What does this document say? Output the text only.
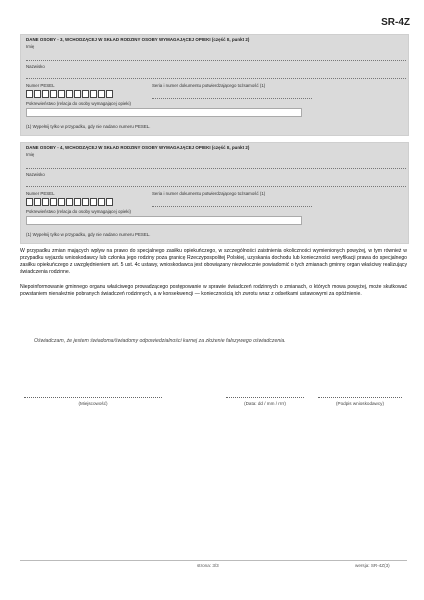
SR-4Z
DANE OSOBY - 3, WCHODZĄCEJ W SKŁAD RODZINY OSOBY WYMAGAJĄCEJ OPIEKI (część II, punkt 2)
Imię
Nazwisko
Numer PESEL	Seria i numer dokumentu potwierdzającego tożsamość (1)
Pokrewieństwo (relacja do osoby wymagającej opieki)
(1) Wypełnij tylko w przypadku, gdy nie nadano numeru PESEL.
DANE OSOBY - 4, WCHODZĄCEJ W SKŁAD RODZINY OSOBY WYMAGAJĄCEJ OPIEKI (część II, punkt 2)
Imię
Nazwisko
Numer PESEL	Seria i numer dokumentu potwierdzającego tożsamość (1)
Pokrewieństwo (relacja do osoby wymagającej opieki)
(1) Wypełnij tylko w przypadku, gdy nie nadano numeru PESEL.
W przypadku zmian mających wpływ na prawo do specjalnego zasiłku opiekuńczego, w szczególności zaistnienia okoliczności wymienionych powyżej, w tym również w przypadku wyjazdu wnioskodawcy lub członka jego rodziny poza granicę Rzeczypospolitej Polskiej, uzyskania dochodu lub konieczności weryfikacji prawa do specjalnego zasiłku opiekuńczego z uwzględnieniem art. 5 ust. 4c ustawy, wnioskodawca jest obowiązany niezwłocznie powiadomić o tych zmianach gminny organ właściwy realizujący świadczenia rodzinne.
Niepoinformowanie gminnego organu właściwego prowadzącego postępowanie w sprawie świadczeń rodzinnych o zmianach, o których mowa powyżej, może skutkować powstaniem nienależnie pobranych świadczeń rodzinnych, a w konsekwencji — koniecznością ich zwrotu wraz z odsetkami ustawowymi za opóźnienie.
Oświadczam, że jestem świadoma/świadomy odpowiedzialności karnej za złożenie fałszywego oświadczenia.
(Miejscowość)	(Data: dd / mm / rrrr)	(Podpis wnioskodawcy)
strona: 3/3	wersja: SR-4Z(3)
